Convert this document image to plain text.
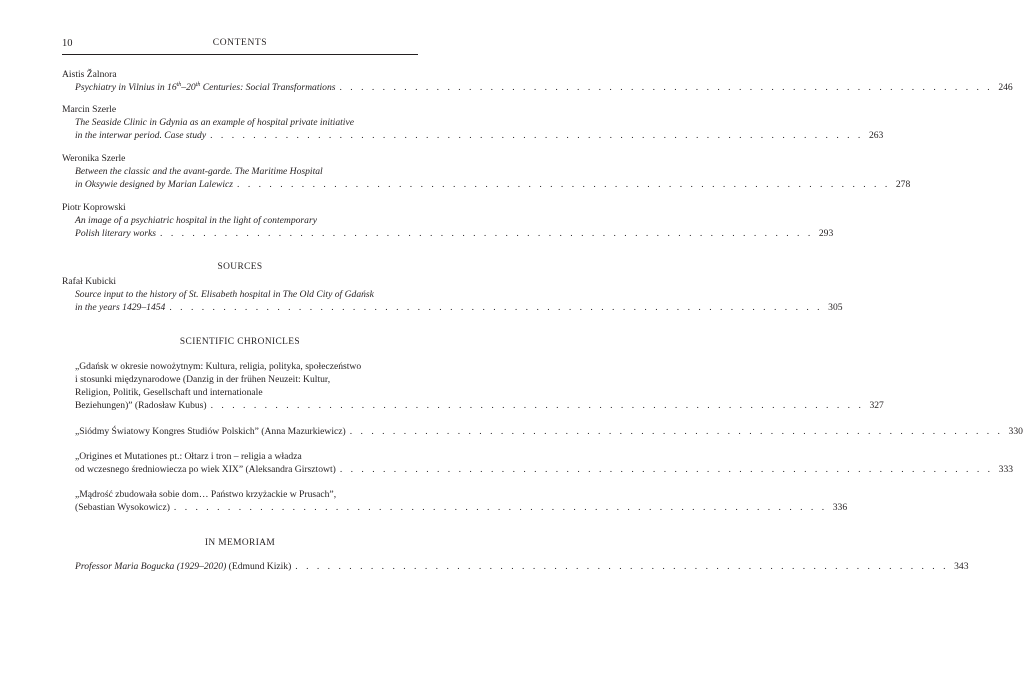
10	CONTENTS
Aistis Žalnora
Psychiatry in Vilnius in 16th–20th Centuries: Social Transformations . . . . . . . . . . . . . . . . . . . . . . . . . . . . . . . . . . . . . . . . . . . . . . . . . . . . . . . . . . . . . 246
Marcin Szerle
The Seaside Clinic in Gdynia as an example of hospital private initiative
in the interwar period. Case study . . . . . . . . . . . . . . . . . . . . . . . . . . . . . . . . . . . . . . . . . . . . . . . . . . . . . . . . . . . . . 263
Weronika Szerle
Between the classic and the avant-garde. The Maritime Hospital
in Oksywie designed by Marian Lalewicz . . . . . . . . . . . . . . . . . . . . . . . . . . . . . . . . . . . . . . . . . . . . . . . . . . . . . . . . . . . . . 278
Piotr Koprowski
An image of a psychiatric hospital in the light of contemporary
Polish literary works . . . . . . . . . . . . . . . . . . . . . . . . . . . . . . . . . . . . . . . . . . . . . . . . . . . . . . . . . . . . . 293
SOURCES
Rafał Kubicki
Source input to the history of St. Elisabeth hospital in The Old City of Gdańsk
in the years 1429–1454 . . . . . . . . . . . . . . . . . . . . . . . . . . . . . . . . . . . . . . . . . . . . . . . . . . . . . . . . . . . . . 305
SCIENTIFIC CHRONICLES
„Gdańsk w okresie nowożytnym: Kultura, religia, polityka, społeczeństwo
i stosunki międzynarodowe (Danzig in der frühen Neuzeit: Kultur,
Religion, Politik, Gesellschaft und internationale
Beziehungen)” (Radosław Kubus) . . . . . . . . . . . . . . . . . . . . . . . . . . . . . . . . . . . . . . . . . . . . . . . . . . . . . . . . . . . . . 327
„Siódmy Światowy Kongres Studiów Polskich” (Anna Mazurkiewicz) . . . . . . . . . . . . . . . . . . . . . . . . . . . . . . . . . . . . . . . . . . . . . . . . . . . . . . . . . . . . . 330
„Origines et Mutationes pt.: Ołtarz i tron – religia a władza
od wczesnego średniowiecza po wiek XIX” (Aleksandra Girsztowt) . . . . . . . . . . . . . . . . . . . . . . . . . . . . . . . . . . . . . . . . . . . . . . . . . . . . . . . . . . . . . 333
„Mądrość zbudowała sobie dom… Państwo krzyżackie w Prusach”,
(Sebastian Wysokowicz) . . . . . . . . . . . . . . . . . . . . . . . . . . . . . . . . . . . . . . . . . . . . . . . . . . . . . . . . . . . . . 336
IN MEMORIAM
Professor Maria Bogucka (1929–2020) (Edmund Kizik) . . . . . . . . . . . . . . . . . . . . . . . . . . . . . . . . . . . . . . . . . . . . . . . . . . . . . . . . . . . . . 343
